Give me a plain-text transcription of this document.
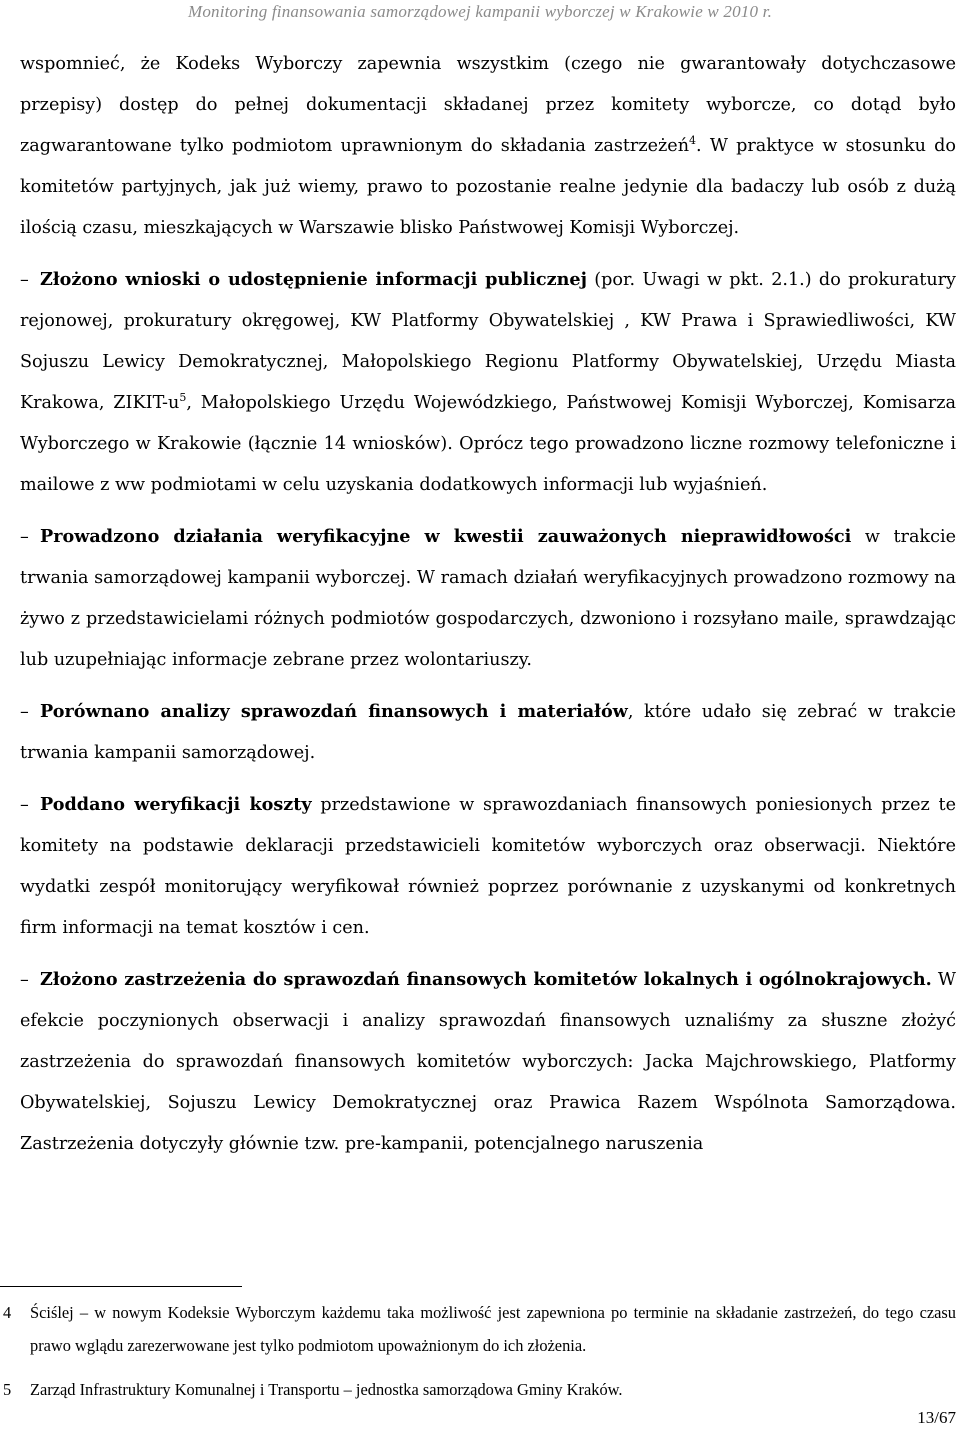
Monitoring finansowania samorządowej kampanii wyborczej w Krakowie w 2010 r.

wspomnieć, że Kodeks Wyborczy zapewnia wszystkim (czego nie gwarantowały dotychczasowe przepisy) dostęp do pełnej dokumentacji składanej przez komitety wyborcze, co dotąd było zagwarantowane tylko podmiotom uprawnionym do składania zastrzeżeń$^4$. W praktyce w stosunku do komitetów partyjnych, jak już wiemy, prawo to pozostanie realne jedynie dla badaczy lub osób z dużą ilością czasu, mieszkających w Warszawie blisko Państwowej Komisji Wyborczej.

– Złożono wnioski o udostępnienie informacji publicznej (por. Uwagi w pkt. 2.1.) do prokuratury rejonowej, prokuratury okręgowej, KW Platformy Obywatelskiej , KW Prawa i Sprawiedliwości, KW Sojuszu Lewicy Demokratycznej, Małopolskiego Regionu Platformy Obywatelskiej, Urzędu Miasta Krakowa, ZIKIT-$u^5$, Małopolskiego Urzędu Wojewódzkiego, Państwowej Komisji Wyborczej, Komisarza Wyborczego w Krakowie (łącznie 14 wniosków). Oprócz tego prowadzono liczne rozmowy telefoniczne i mailowe z ww podmiotami w celu uzyskania dodatkowych informacji lub wyjaśnień.

– Prowadzono działania weryfikacyjne w kwestii zauważonych nieprawidłowości w trakcie trwania samorządowej kampanii wyborczej. W ramach działań weryfikacyjnych prowadzono rozmowy na żywo z przedstawicielami różnych podmiotów gospodarczych, dzwoniono i rozsyłano maile, sprawdzając lub uzupełniając informacje zebrane przez wolontariuszy.

– Porównano analizy sprawozdań finansowych i materiałów, które udało się zebrać w trakcie trwania kampanii samorządowej.

– Poddano weryfikacji koszty przedstawione w sprawozdaniach finansowych poniesionych przez te komitety na podstawie deklaracji przedstawicieli komitetów wyborczych oraz obserwacji. Niektóre wydatki zespół monitorujący weryfikował również poprzez porównanie z uzyskanymi od konkretnych firm informacji na temat kosztów i cen.

– Złożono zastrzeżenia do sprawozdań finansowych komitetów lokalnych i ogólnokrajowych. W efekcie poczynionych obserwacji i analizy sprawozdań finansowych uznaliśmy za słuszne złożyć zastrzeżenia do sprawozdań finansowych komitetów wyborczych: Jacka Majchrowskiego, Platformy Obywatelskiej, Sojuszu Lewicy Demokratycznej oraz Prawica Razem Wspólnota Samorządowa. Zastrzeżenia dotyczyły głównie tzw. pre-kampanii, potencjalnego naruszenia

4 Ściślej – w nowym Kodeksie Wyborczym każdemu taka możliwość jest zapewniona po terminie na składanie zastrzeżeń, do tego czasu prawo wglądu zarezerwowane jest tylko podmiotom upoważnionym do ich złożenia.

5 Zarząd Infrastruktury Komunalnej i Transportu – jednostka samorządowa Gminy Kraków.

13/67
